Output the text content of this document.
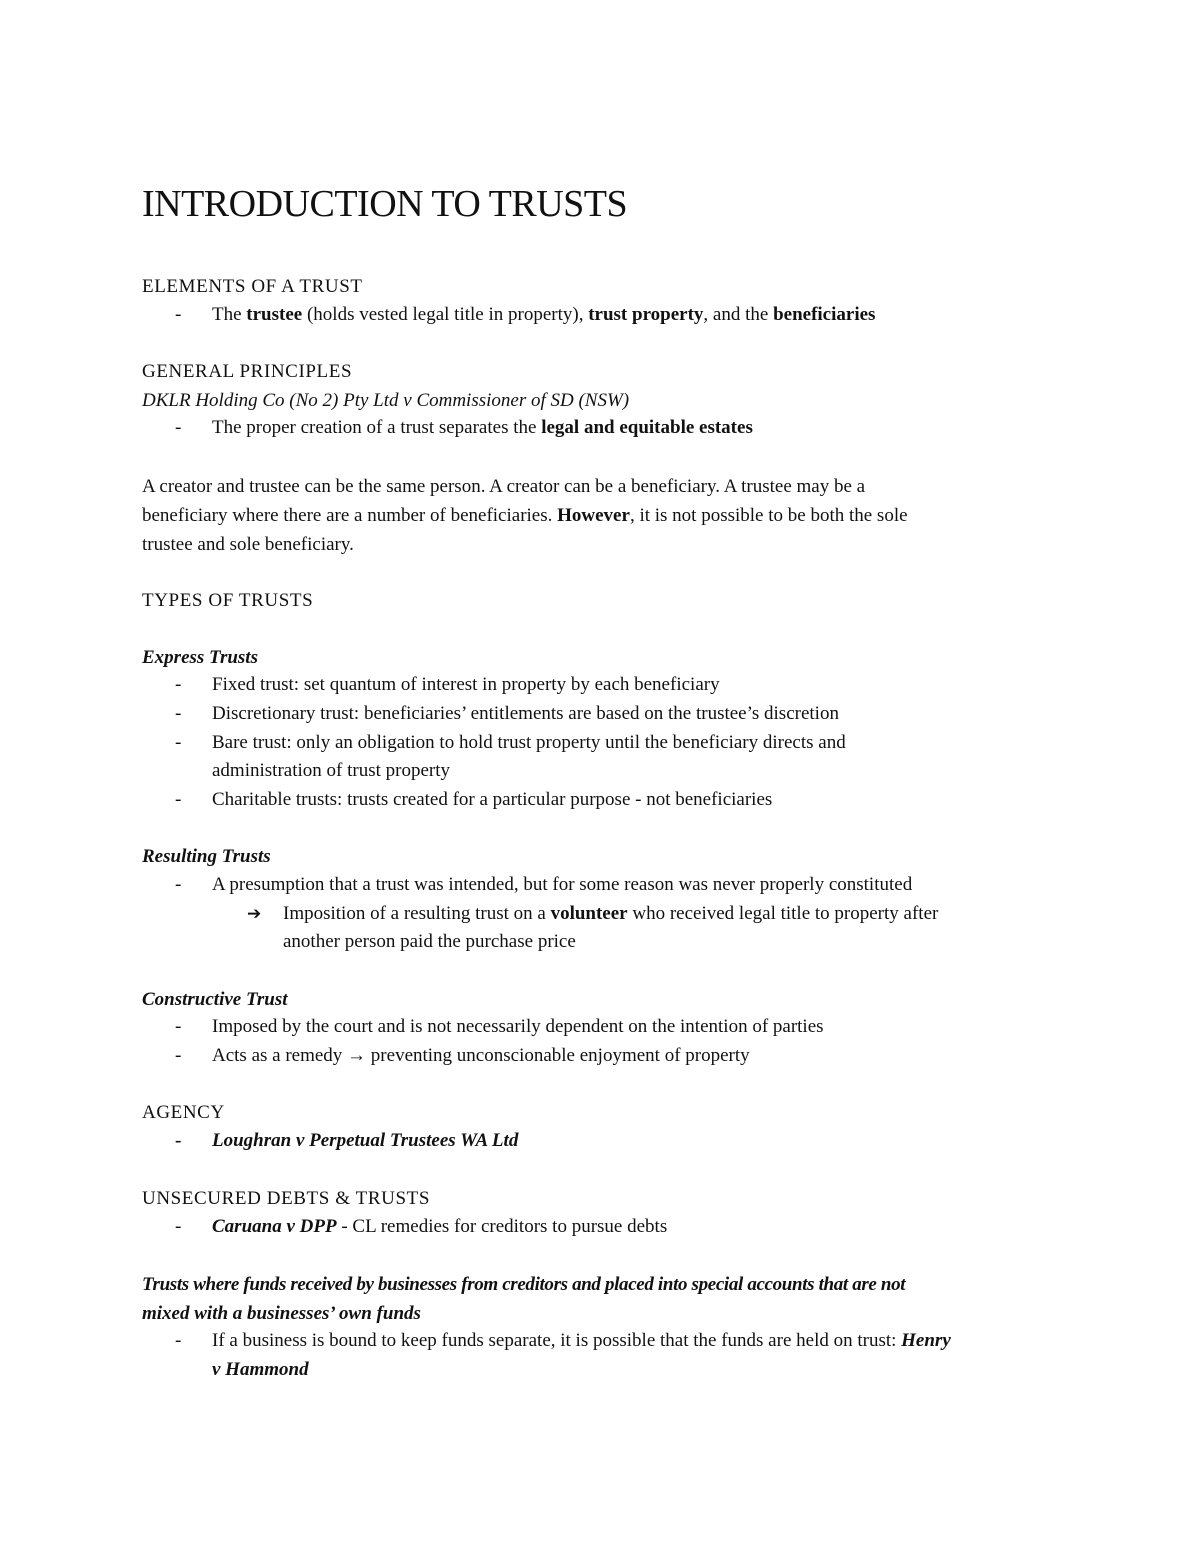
INTRODUCTION TO TRUSTS
ELEMENTS OF A TRUST
- The trustee (holds vested legal title in property), trust property, and the beneficiaries
GENERAL PRINCIPLES
DKLR Holding Co (No 2) Pty Ltd v Commissioner of SD (NSW)
- The proper creation of a trust separates the legal and equitable estates
A creator and trustee can be the same person. A creator can be a beneficiary. A trustee may be a
beneficiary where there are a number of beneficiaries. However, it is not possible to be both the sole
trustee and sole beneficiary.
TYPES OF TRUSTS
Express Trusts
- Fixed trust: set quantum of interest in property by each beneficiary
- Discretionary trust: beneficiaries’ entitlements are based on the trustee’s discretion
- Bare trust: only an obligation to hold trust property until the beneficiary directs and
administration of trust property
- Charitable trusts: trusts created for a particular purpose - not beneficiaries
Resulting Trusts
- A presumption that a trust was intended, but for some reason was never properly constituted
➔ Imposition of a resulting trust on a volunteer who received legal title to property after
another person paid the purchase price
Constructive Trust
- Imposed by the court and is not necessarily dependent on the intention of parties
- Acts as a remedy → preventing unconscionable enjoyment of property
AGENCY
- Loughran v Perpetual Trustees WA Ltd
UNSECURED DEBTS & TRUSTS
- Caruana v DPP - CL remedies for creditors to pursue debts
Trusts where funds received by businesses from creditors and placed into special accounts that are not
mixed with a businesses’ own funds
- If a business is bound to keep funds separate, it is possible that the funds are held on trust: Henry
v Hammond
